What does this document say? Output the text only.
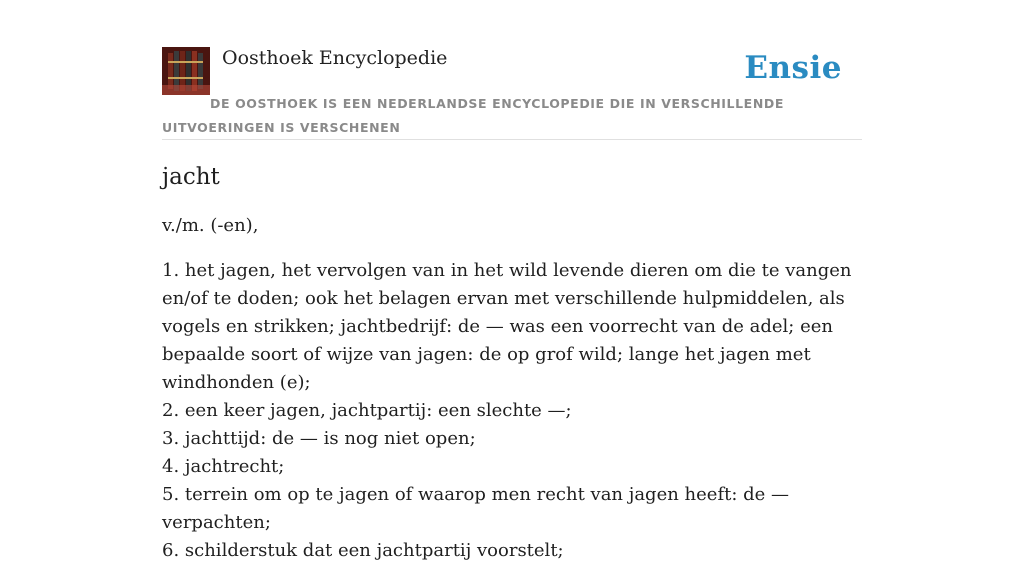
Oosthoek Encyclopedie	Ensie
DE OOSTHOEK IS EEN NEDERLANDSE ENCYCLOPEDIE DIE IN VERSCHILLENDE UITVOERINGEN IS VERSCHENEN
jacht
v./m. (-en),

1. het jagen, het vervolgen van in het wild levende dieren om die te vangen en/of te doden; ook het belagen ervan met verschillende hulpmiddelen, als vogels en strikken; jachtbedrijf: de — was een voorrecht van de adel; een bepaalde soort of wijze van jagen: de op grof wild; lange het jagen met windhonden (e);

2. een keer jagen, jachtpartij: een slechte —;

3. jachttijd: de — is nog niet open;

4. jachtrecht;

5. terrein om op te jagen of waarop men recht van jagen heeft: de — verpachten;

6. schilderstuk dat een jachtpartij voorstelt;
